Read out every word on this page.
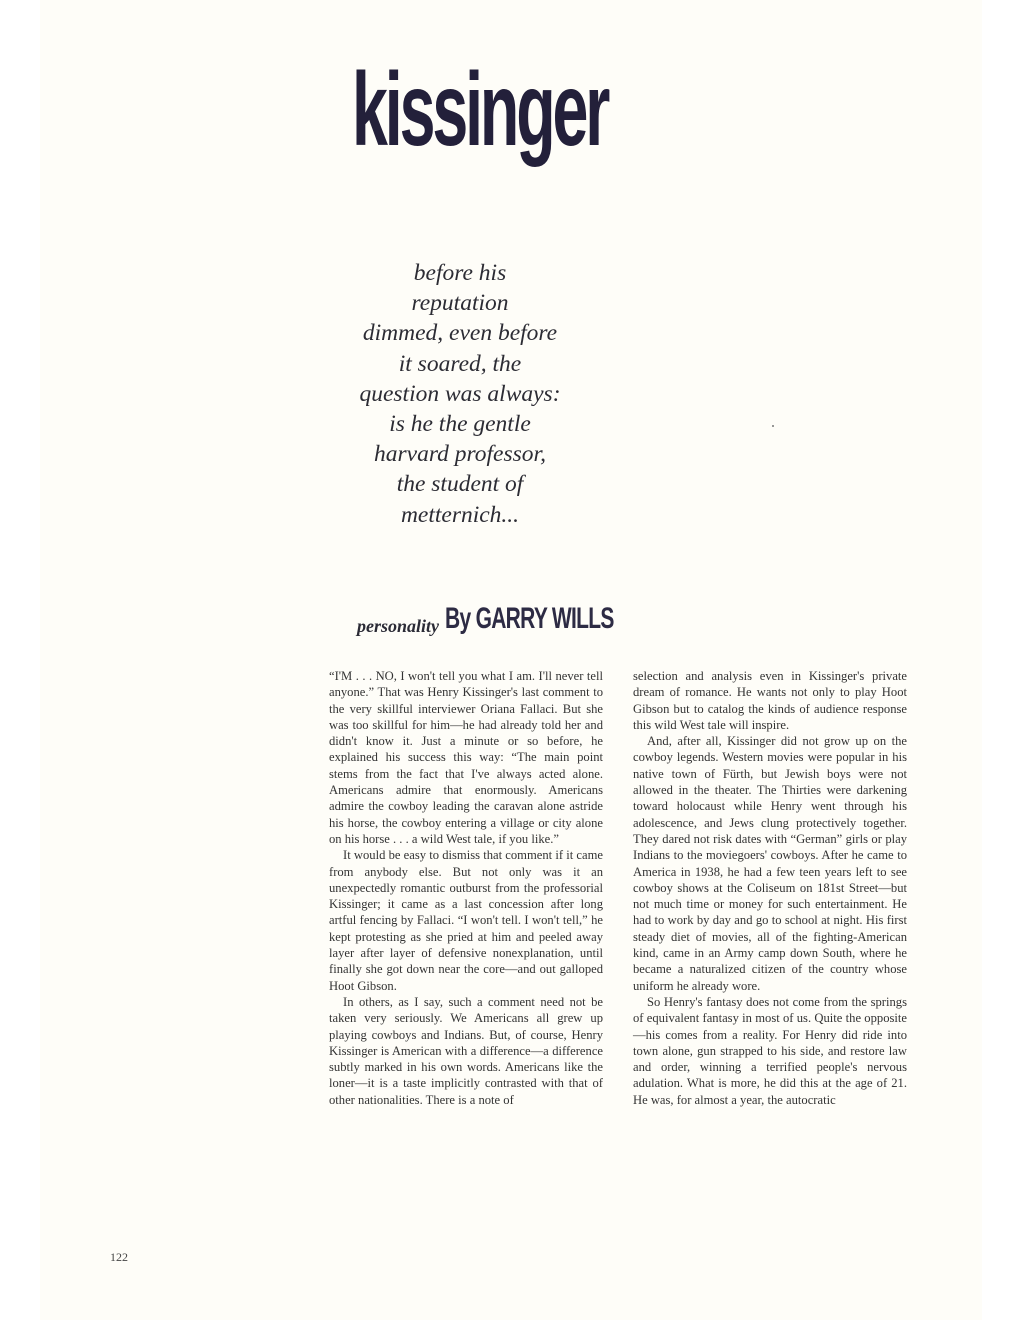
kissinger
before his
reputation
dimmed, even before
it soared, the
question was always:
is he the gentle
harvard professor,
the student of
metternich...
personality By GARRY WILLS

“I'M . . . NO, I won't tell you what I am. I'll never tell anyone.” That was Henry Kissinger's last comment to the very skillful interviewer Oriana Fallaci. But she was too skillful for him—he had already told her and didn't know it. Just a minute or so before, he explained his success this way: “The main point stems from the fact that I've always acted alone. Americans admire that enormously. Americans admire the cowboy leading the caravan alone astride his horse, the cowboy entering a village or city alone on his horse . . . a wild West tale, if you like.”

It would be easy to dismiss that comment if it came from anybody else. But not only was it an unexpectedly romantic outburst from the professorial Kissinger; it came as a last concession after long artful fencing by Fallaci. “I won't tell. I won't tell,” he kept protesting as she pried at him and peeled away layer after layer of defensive nonexplanation, until finally she got down near the core—and out galloped Hoot Gibson.

In others, as I say, such a comment need not be taken very seriously. We Americans all grew up playing cowboys and Indians. But, of course, Henry Kissinger is American with a difference—a difference subtly marked in his own words. Americans like the loner—it is a taste implicitly contrasted with that of other nationalities. There is a note of

selection and analysis even in Kissinger's private dream of romance. He wants not only to play Hoot Gibson but to catalog the kinds of audience response this wild West tale will inspire.

And, after all, Kissinger did not grow up on the cowboy legends. Western movies were popular in his native town of Fürth, but Jewish boys were not allowed in the theater. The Thirties were darkening toward holocaust while Henry went through his adolescence, and Jews clung protectively together. They dared not risk dates with “German” girls or play Indians to the moviegoers' cowboys. After he came to America in 1938, he had a few teen years left to see cowboy shows at the Coliseum on 181st Street—but not much time or money for such entertainment. He had to work by day and go to school at night. His first steady diet of movies, all of the fighting-American kind, came in an Army camp down South, where he became a naturalized citizen of the country whose uniform he already wore.

So Henry's fantasy does not come from the springs of equivalent fantasy in most of us. Quite the opposite—his comes from a reality. For Henry did ride into town alone, gun strapped to his side, and restore law and order, winning a terrified people's nervous adulation. What is more, he did this at the age of 21. He was, for almost a year, the autocratic

122
